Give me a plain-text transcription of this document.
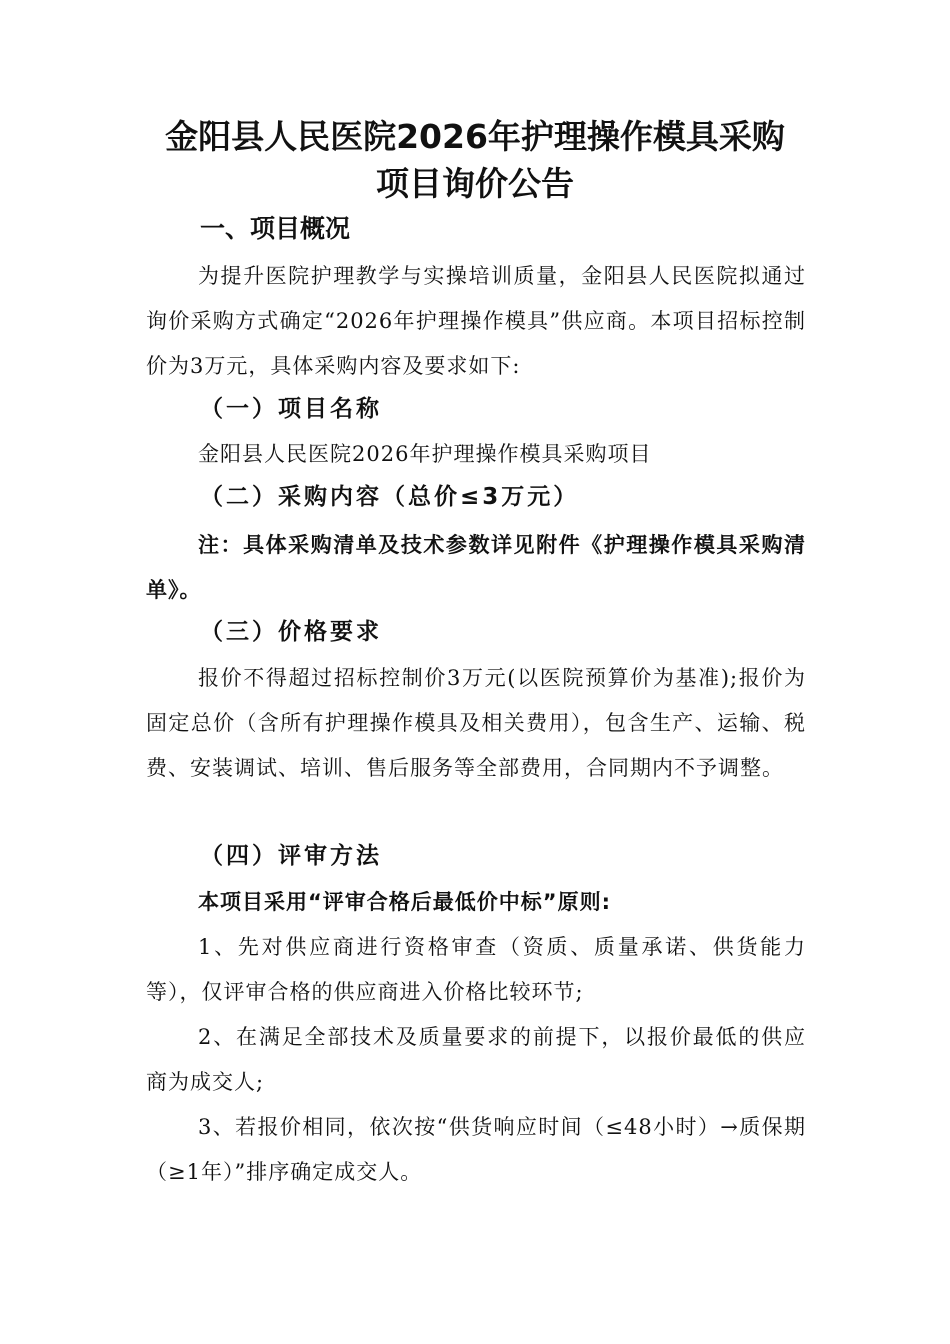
金阳县人民医院2026年护理操作模具采购
项目询价公告
一、项目概况

为提升医院护理教学与实操培训质量，金阳县人民医院拟通过询价采购方式确定“2026年护理操作模具”供应商。本项目招标控制价为3万元，具体采购内容及要求如下:

（一）项目名称
金阳县人民医院2026年护理操作模具采购项目
（二）采购内容（总价≤3万元）

注：具体采购清单及技术参数详见附件《护理操作模具采购清单》。

（三）价格要求

报价不得超过招标控制价3万元(以医院预算价为基准);报价为固定总价（含所有护理操作模具及相关费用），包含生产、运输、税费、安装调试、培训、售后服务等全部费用，合同期内不予调整。

（四）评审方法

本项目采用“评审合格后最低价中标”原则:

1、先对供应商进行资格审查（资质、质量承诺、供货能力等），仅评审合格的供应商进入价格比较环节;

2、在满足全部技术及质量要求的前提下，以报价最低的供应商为成交人;

3、若报价相同，依次按“供货响应时间（≤48小时）→质保期（≥1年）”排序确定成交人。
